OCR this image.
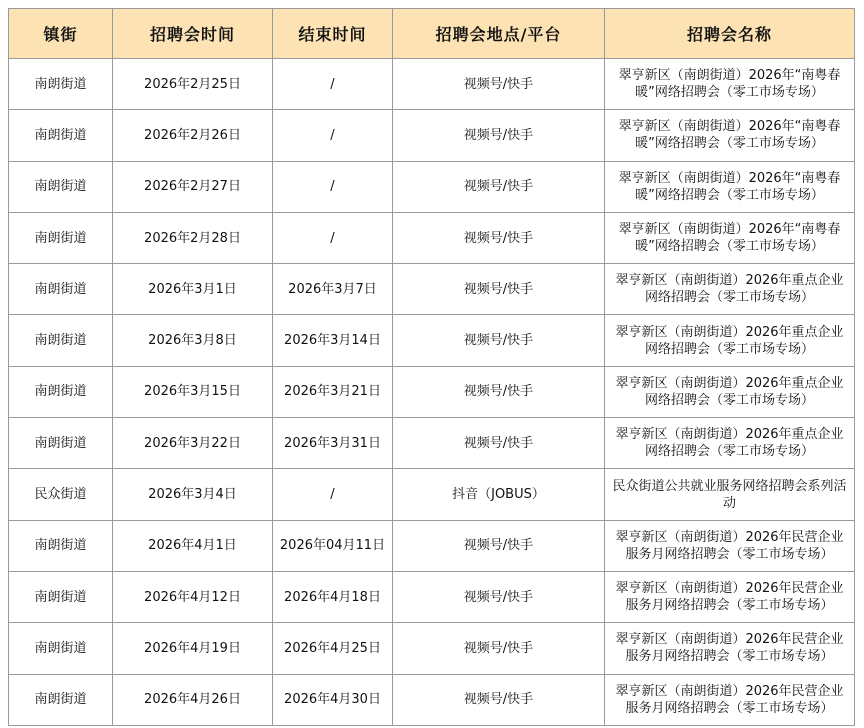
镇街	招聘会时间	结束时间	招聘会地点/平台	招聘会名称
南朗街道	2026年2月25日	/	视频号/快手	翠亨新区（南朗街道）2026年“南粤春暖”网络招聘会（零工市场专场）
南朗街道	2026年2月26日	/	视频号/快手	翠亨新区（南朗街道）2026年“南粤春暖”网络招聘会（零工市场专场）
南朗街道	2026年2月27日	/	视频号/快手	翠亨新区（南朗街道）2026年“南粤春暖”网络招聘会（零工市场专场）
南朗街道	2026年2月28日	/	视频号/快手	翠亨新区（南朗街道）2026年“南粤春暖”网络招聘会（零工市场专场）
南朗街道	2026年3月1日	2026年3月7日	视频号/快手	翠亨新区（南朗街道）2026年重点企业网络招聘会（零工市场专场）
南朗街道	2026年3月8日	2026年3月14日	视频号/快手	翠亨新区（南朗街道）2026年重点企业网络招聘会（零工市场专场）
南朗街道	2026年3月15日	2026年3月21日	视频号/快手	翠亨新区（南朗街道）2026年重点企业网络招聘会（零工市场专场）
南朗街道	2026年3月22日	2026年3月31日	视频号/快手	翠亨新区（南朗街道）2026年重点企业网络招聘会（零工市场专场）
民众街道	2026年3月4日	/	抖音（JOBUS）	民众街道公共就业服务网络招聘会系列活动
南朗街道	2026年4月1日	2026年04月11日	视频号/快手	翠亨新区（南朗街道）2026年民营企业服务月网络招聘会（零工市场专场）
南朗街道	2026年4月12日	2026年4月18日	视频号/快手	翠亨新区（南朗街道）2026年民营企业服务月网络招聘会（零工市场专场）
南朗街道	2026年4月19日	2026年4月25日	视频号/快手	翠亨新区（南朗街道）2026年民营企业服务月网络招聘会（零工市场专场）
南朗街道	2026年4月26日	2026年4月30日	视频号/快手	翠亨新区（南朗街道）2026年民营企业服务月网络招聘会（零工市场专场）
